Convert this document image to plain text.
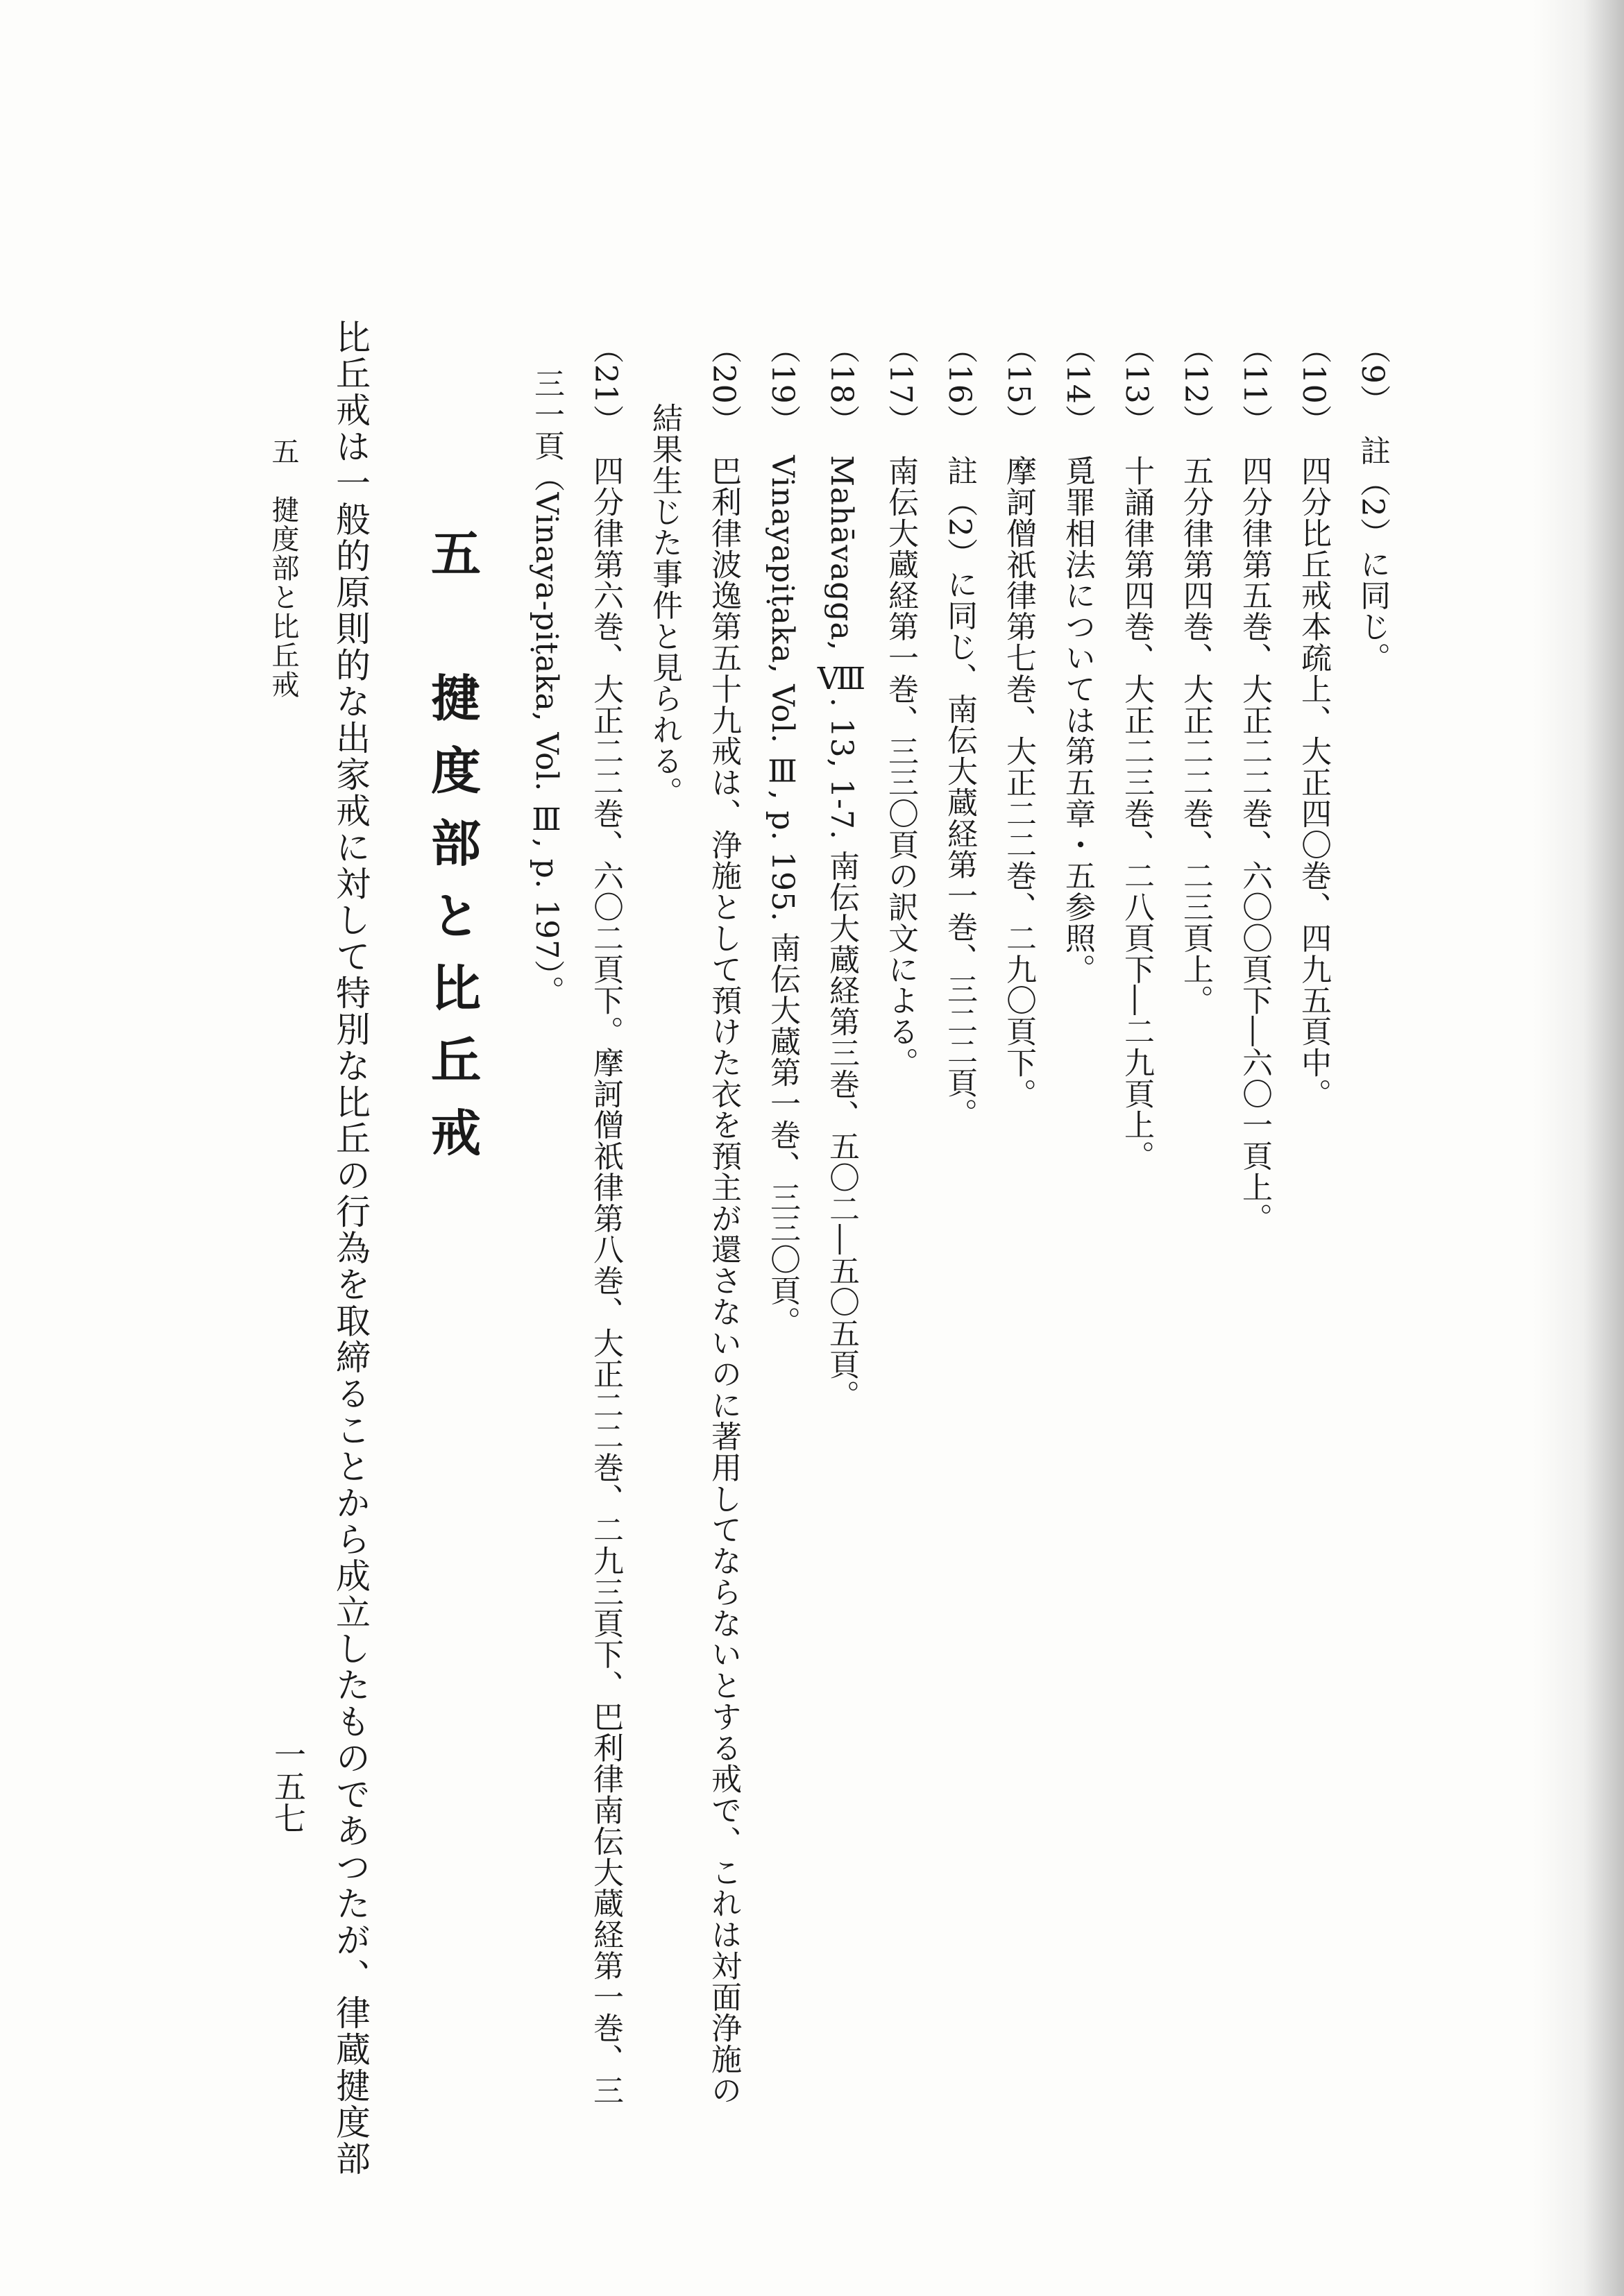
（9）註（2）に同じ。
（10）四分比丘戒本疏上、大正四〇巻、四九五頁中。
（11）四分律第五巻、大正二二巻、六〇〇頁下―六〇一頁上。
（12）五分律第四巻、大正二二巻、二三頁上。
（13）十誦律第四巻、大正二三巻、二八頁下―二九頁上。
（14）覓罪相法については第五章・五参照。
（15）摩訶僧祇律第七巻、大正二二巻、二九〇頁下。
（16）註（2）に同じ、南伝大蔵経第一巻、三二二頁。
（17）南伝大蔵経第一巻、三三〇頁の訳文による。
（18）Mahāvagga, Ⅷ. 13, 1-7. 南伝大蔵経第三巻、五〇二―五〇五頁。
（19）Vinayapiṭaka, Vol. Ⅲ, p. 195. 南伝大蔵第一巻、三三〇頁。
（20）巴利律波逸第五十九戒は、浄施として預けた衣を預主が還さないのに著用してならないとする戒で、これは対面浄施の
結果生じた事件と見られる。
（21）四分律第六巻、大正二二巻、六〇二頁下。摩訶僧祇律第八巻、大正二二巻、二九三頁下、巴利律南伝大蔵経第一巻、三
三一頁（Vinaya-piṭaka, Vol. Ⅲ, p. 197）。
五　揵度部と比丘戒
比丘戒は一般的原則的な出家戒に対して特別な比丘の行為を取締ることから成立したものであつたが、律蔵揵度部
五　揵度部と比丘戒
一五七
